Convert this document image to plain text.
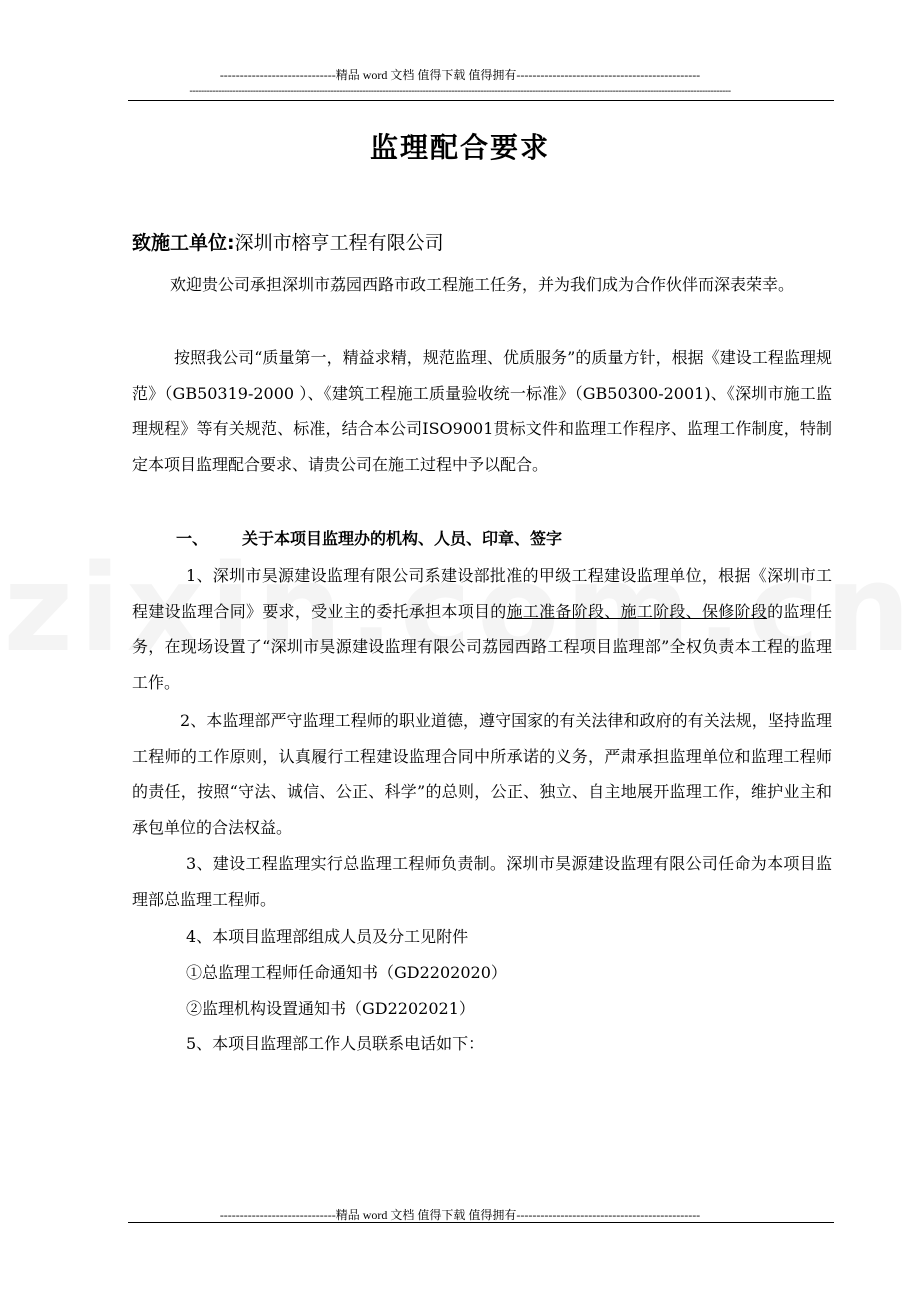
-----------------------------精品 word 文档 值得下载 值得拥有----------------------------------------------
--------------------------------------------------------------------------------------------------------------------------------------------------------------------------------------------
监理配合要求
致施工单位:深圳市榕亨工程有限公司
欢迎贵公司承担深圳市荔园西路市政工程施工任务，并为我们成为合作伙伴而深表荣幸。
按照我公司“质量第一，精益求精，规范监理、优质服务”的质量方针，根据《建设工程监理规范》（GB50319-2000 ）、《建筑工程施工质量验收统一标准》（GB50300-2001)、《深圳市施工监理规程》等有关规范、标准，结合本公司ISO9001贯标文件和监理工作程序、监理工作制度，特制定本项目监理配合要求、请贵公司在施工过程中予以配合。
一、 关于本项目监理办的机构、人员、印章、签字
1、深圳市昊源建设监理有限公司系建设部批准的甲级工程建设监理单位，根据《深圳市工程建设监理合同》要求，受业主的委托承担本项目的施工准备阶段、施工阶段、保修阶段的监理任务，在现场设置了“深圳市昊源建设监理有限公司荔园西路工程项目监理部”全权负责本工程的监理工作。
2、本监理部严守监理工程师的职业道德，遵守国家的有关法律和政府的有关法规，坚持监理工程师的工作原则，认真履行工程建设监理合同中所承诺的义务，严肃承担监理单位和监理工程师的责任，按照“守法、诚信、公正、科学”的总则，公正、独立、自主地展开监理工作，维护业主和承包单位的合法权益。
3、建设工程监理实行总监理工程师负责制。深圳市昊源建设监理有限公司任命为本项目监理部总监理工程师。
4、本项目监理部组成人员及分工见附件
①总监理工程师任命通知书（GD2202020）
②监理机构设置通知书（GD2202021）
5、本项目监理部工作人员联系电话如下：
-----------------------------精品 word 文档 值得下载 值得拥有----------------------------------------------
